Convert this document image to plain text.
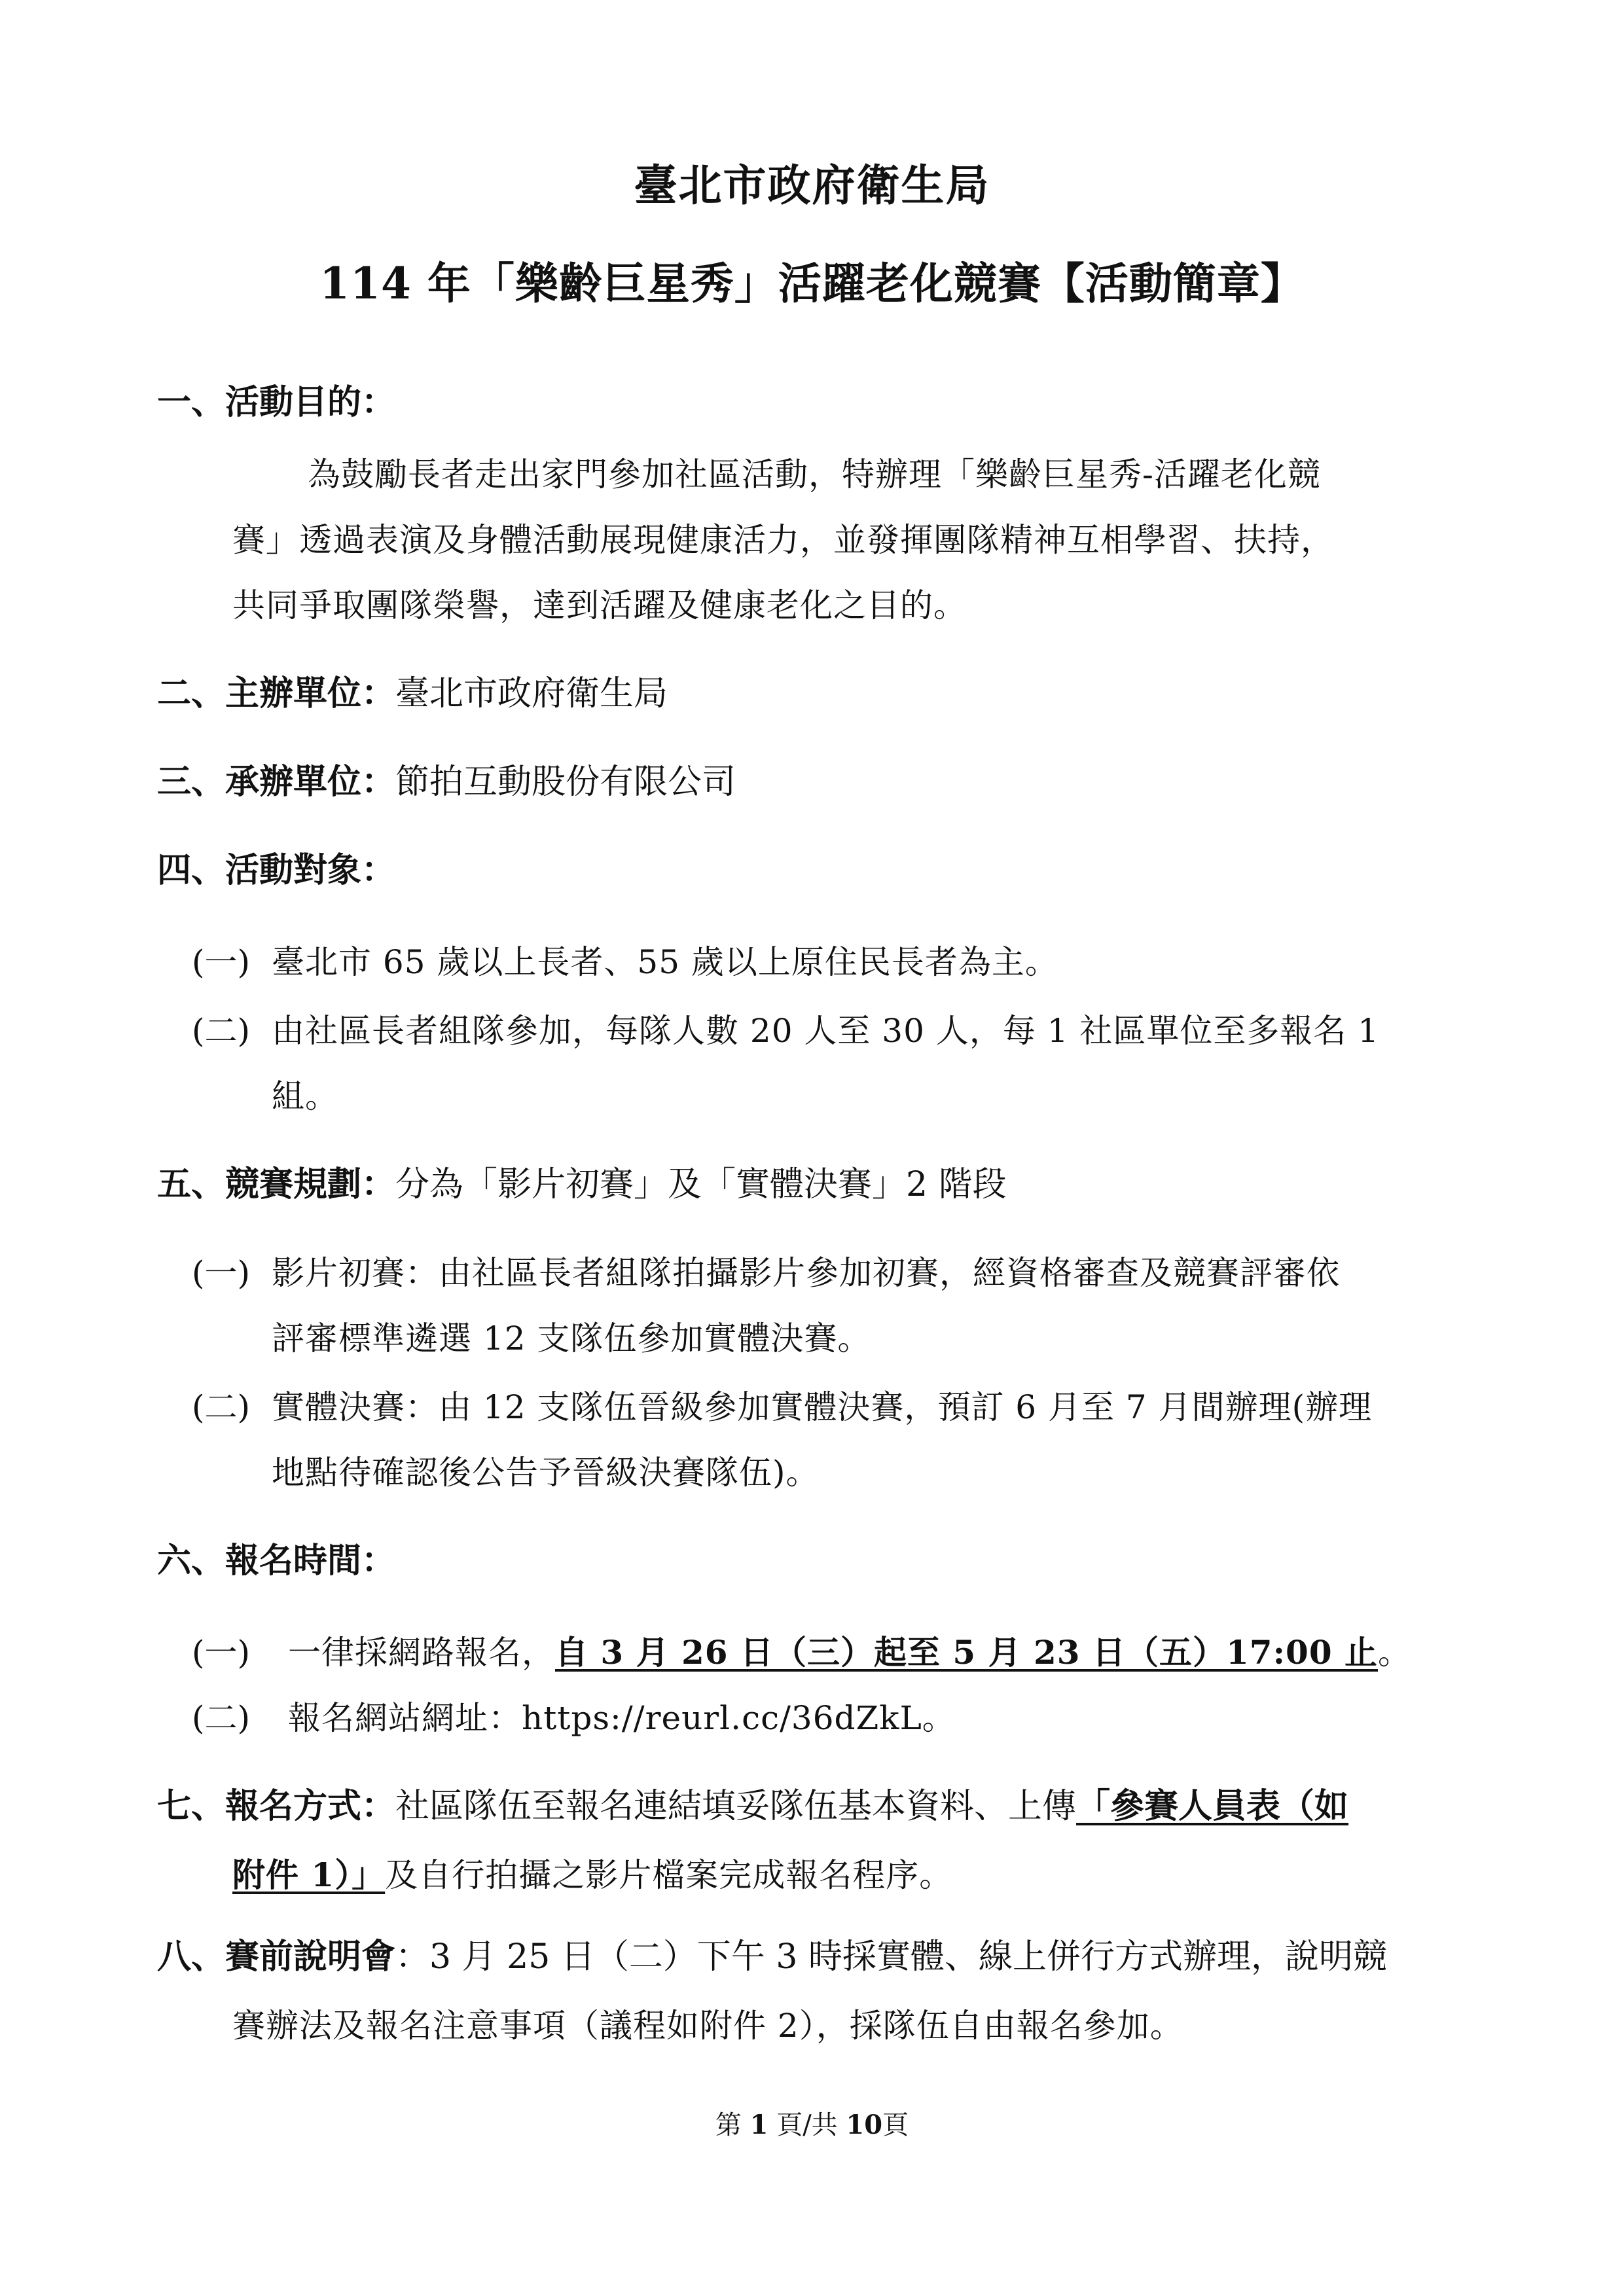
臺北市政府衛生局
114 年「樂齡巨星秀」活躍老化競賽【活動簡章】
一、活動目的：
為鼓勵長者走出家門參加社區活動，特辦理「樂齡巨星秀-活躍老化競
賽」透過表演及身體活動展現健康活力，並發揮團隊精神互相學習、扶持，
共同爭取團隊榮譽，達到活躍及健康老化之目的。
二、主辦單位：臺北市政府衛生局
三、承辦單位：節拍互動股份有限公司
四、活動對象：
(一) 臺北市 65 歲以上長者、55 歲以上原住民長者為主。
(二) 由社區長者組隊參加，每隊人數 20 人至 30 人，每 1 社區單位至多報名 1
組。
五、競賽規劃：分為「影片初賽」及「實體決賽」2 階段
(一) 影片初賽：由社區長者組隊拍攝影片參加初賽，經資格審查及競賽評審依
評審標準遴選 12 支隊伍參加實體決賽。
(二) 實體決賽：由 12 支隊伍晉級參加實體決賽，預訂 6 月至 7 月間辦理(辦理
地點待確認後公告予晉級決賽隊伍)。
六、報名時間：
(一) 一律採網路報名，自 3 月 26 日（三）起至 5 月 23 日（五）17:00 止。
(二) 報名網站網址：https://reurl.cc/36dZkL。
七、報名方式：社區隊伍至報名連結填妥隊伍基本資料、上傳「參賽人員表（如
附件 1）」及自行拍攝之影片檔案完成報名程序。
八、賽前說明會：3 月 25 日（二）下午 3 時採實體、線上併行方式辦理，說明競
賽辦法及報名注意事項（議程如附件 2），採隊伍自由報名參加。
第 1 頁/共 10頁
